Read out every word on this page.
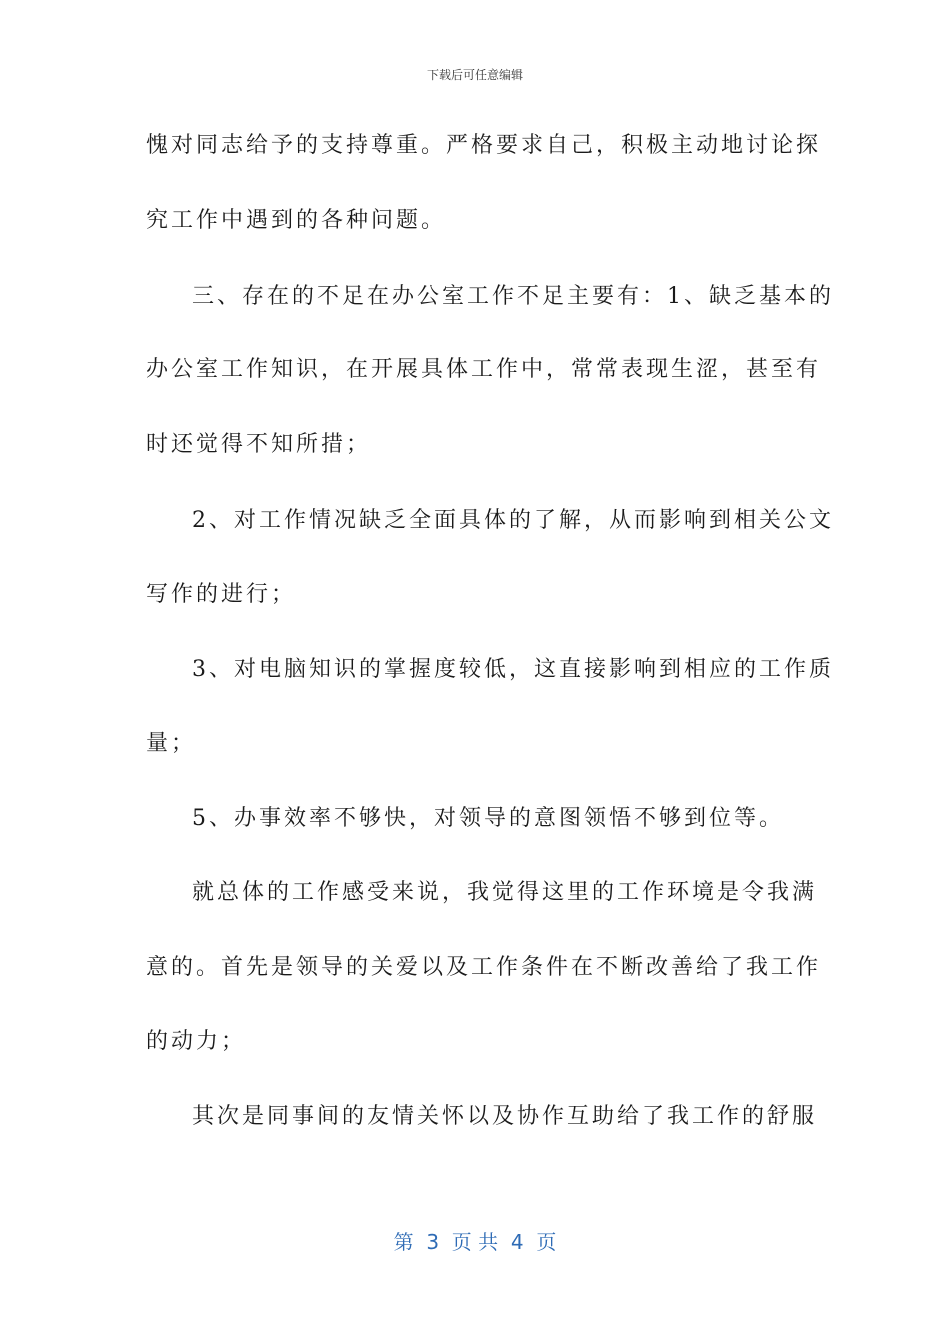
下载后可任意编辑
愧对同志给予的支持尊重。严格要求自己，积极主动地讨论探
究工作中遇到的各种问题。
三、存在的不足在办公室工作不足主要有：1、缺乏基本的
办公室工作知识，在开展具体工作中，常常表现生涩，甚至有
时还觉得不知所措；
2、对工作情况缺乏全面具体的了解，从而影响到相关公文
写作的进行；
3、对电脑知识的掌握度较低，这直接影响到相应的工作质
量；
5、办事效率不够快，对领导的意图领悟不够到位等。
就总体的工作感受来说，我觉得这里的工作环境是令我满
意的。首先是领导的关爱以及工作条件在不断改善给了我工作
的动力；
其次是同事间的友情关怀以及协作互助给了我工作的舒服
第  3  页 共  4  页
